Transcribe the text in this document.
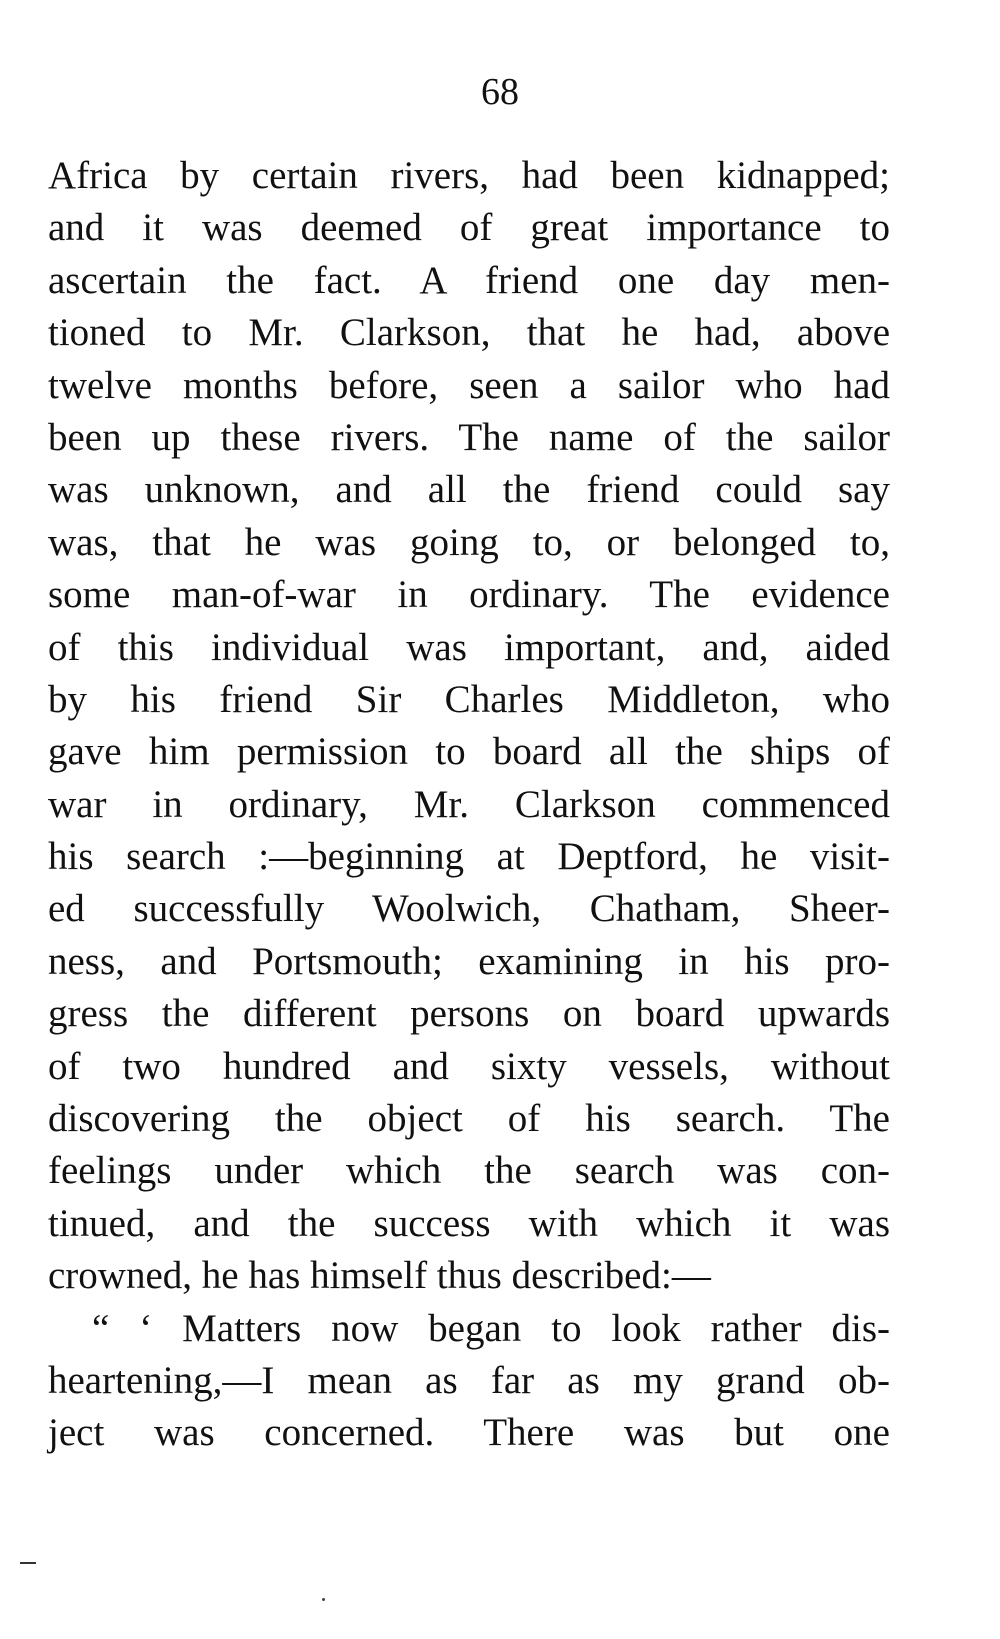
68
Africa by certain rivers, had been kidnapped;
and it was deemed of great importance to
ascertain the fact. A friend one day men-
tioned to Mr. Clarkson, that he had, above
twelve months before, seen a sailor who had
been up these rivers. The name of the sailor
was unknown, and all the friend could say
was, that he was going to, or belonged to,
some man-of-war in ordinary. The evidence
of this individual was important, and, aided
by his friend Sir Charles Middleton, who
gave him permission to board all the ships of
war in ordinary, Mr. Clarkson commenced
his search :—beginning at Deptford, he visit-
ed successfully Woolwich, Chatham, Sheer-
ness, and Portsmouth; examining in his pro-
gress the different persons on board upwards
of two hundred and sixty vessels, without
discovering the object of his search. The
feelings under which the search was con-
tinued, and the success with which it was
crowned, he has himself thus described:—
“ ‘ Matters now began to look rather dis-
heartening,—I mean as far as my grand ob-
ject was concerned. There was but one
